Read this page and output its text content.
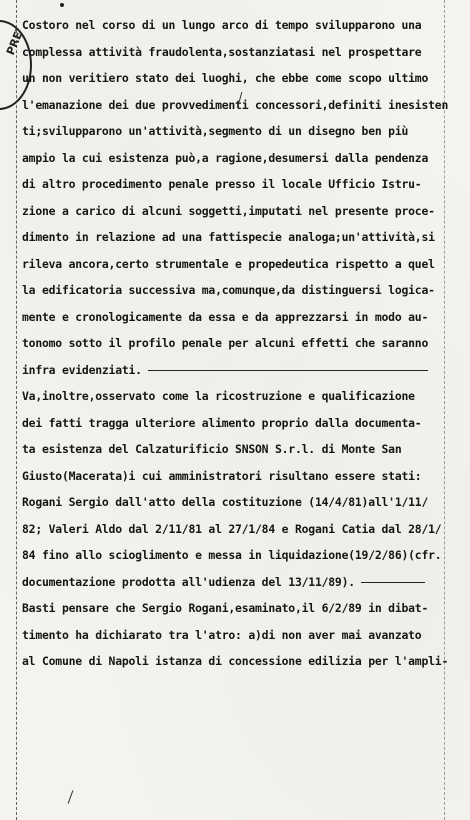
PRET
Costoro nel corso di un lungo arco di tempo svilupparono una
complessa attività fraudolenta,sostanziatasi nel prospettare
un non veritiero stato dei luoghi, che ebbe come scopo ultimo
l'emanazione dei due provvedimenti concessori,definiti inesisten
ti;svilupparono un'attività,segmento di un disegno ben più
ampio la cui esistenza può,a ragione,desumersi dalla pendenza
di altro procedimento penale presso il locale Ufficio Istru-
zione a carico di alcuni soggetti,imputati nel presente proce-
dimento in relazione ad una fattispecie analoga;un'attività,si
rileva ancora,certo strumentale e propedeutica rispetto a quel
la edificatoria successiva ma,comunque,da distinguersi logica-
mente e cronologicamente da essa e da apprezzarsi in modo au-
tonomo sotto il profilo penale per alcuni effetti che saranno
infra evidenziati.
Va,inoltre,osservato come la ricostruzione e qualificazione
dei fatti tragga ulteriore alimento proprio dalla documenta-
ta esistenza del Calzaturificio SNSON S.r.l. di Monte San
Giusto(Macerata)i cui amministratori risultano essere stati:
Rogani Sergio dall'atto della costituzione (14/4/81)all'1/11/
82; Valeri Aldo dal 2/11/81 al 27/1/84 e Rogani Catia dal 28/1/
84 fino allo scioglimento e messa in liquidazione(19/2/86)(cfr.
documentazione prodotta all'udienza del 13/11/89).
Basti pensare che Sergio Rogani,esaminato,il 6/2/89 in dibat-
timento ha dichiarato tra l'atro: a)di non aver mai avanzato
al Comune di Napoli istanza di concessione edilizia per l'ampli-
